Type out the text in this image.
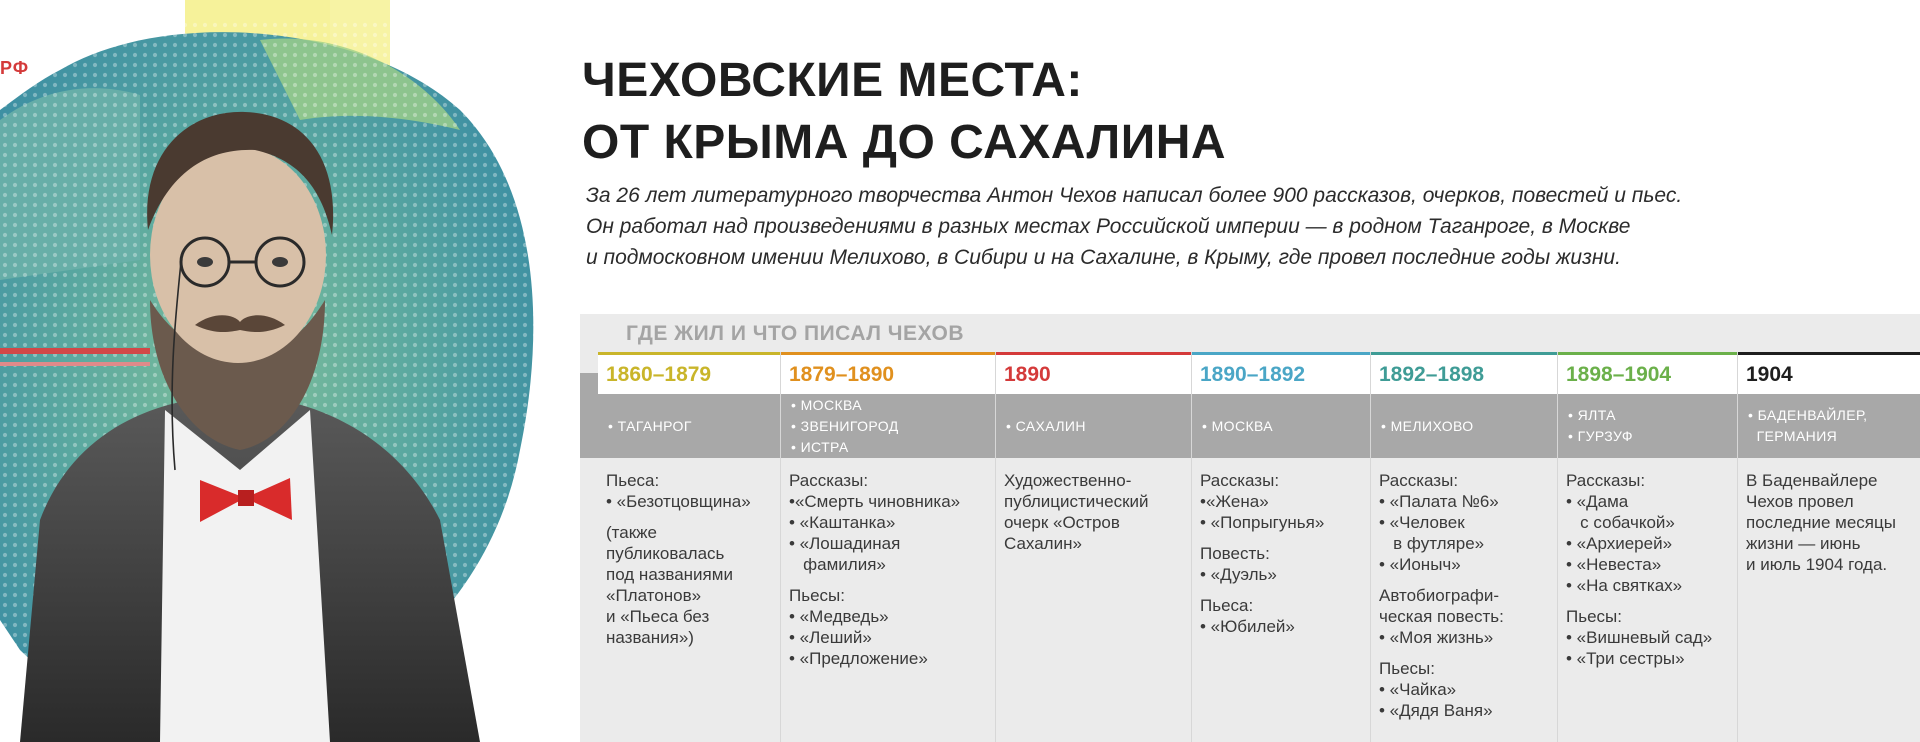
РФ	ЧЕХОВСКИЕ МЕСТА:
ОТ КРЫМА ДО САХАЛИНА

За 26 лет литературного творчества Антон Чехов написал более 900 рассказов, очерков, повестей и пьес.
Он работал над произведениями в разных местах Российской империи — в родном Таганроге, в Москве
и подмосковном имении Мелихово, в Сибири и на Сахалине, в Крыму, где провел последние годы жизни.

ГДЕ ЖИЛ И ЧТО ПИСАЛ ЧЕХОВ
1860–1879
• ТАГАНРОГ
Пьеса:
• «Безотцовщина»
(также
публиковалась
под названиями
«Платонов»
и «Пьеса без
названия»)
1879–1890
• МОСКВА
• ЗВЕНИГОРОД
• ИСТРА
Рассказы:
•«Смерть чиновника»
• «Каштанка»
• «Лошадиная
фамилия»
Пьесы:
• «Медведь»
• «Леший»
• «Предложение»
1890
• САХАЛИН
Художественно-
публицистический
очерк «Остров
Сахалин»
1890–1892
• МОСКВА
Рассказы:
•«Жена»
• «Попрыгунья»
Повесть:
• «Дуэль»
Пьеса:
• «Юбилей»
1892–1898
• МЕЛИХОВО
Рассказы:
• «Палата №6»
• «Человек
в футляре»
• «Ионыч»
Автобиографи-
ческая повесть:
• «Моя жизнь»
Пьесы:
• «Чайка»
• «Дядя Ваня»
1898–1904
• ЯЛТА
• ГУРЗУФ
Рассказы:
• «Дама
с собачкой»
• «Архиерей»
• «Невеста»
• «На святках»
Пьесы:
• «Вишневый сад»
• «Три сестры»
1904
• БАДЕНВАЙЛЕР,
ГЕРМАНИЯ
В Баденвайлере
Чехов провел
последние месяцы
жизни — июнь
и июль 1904 года.
